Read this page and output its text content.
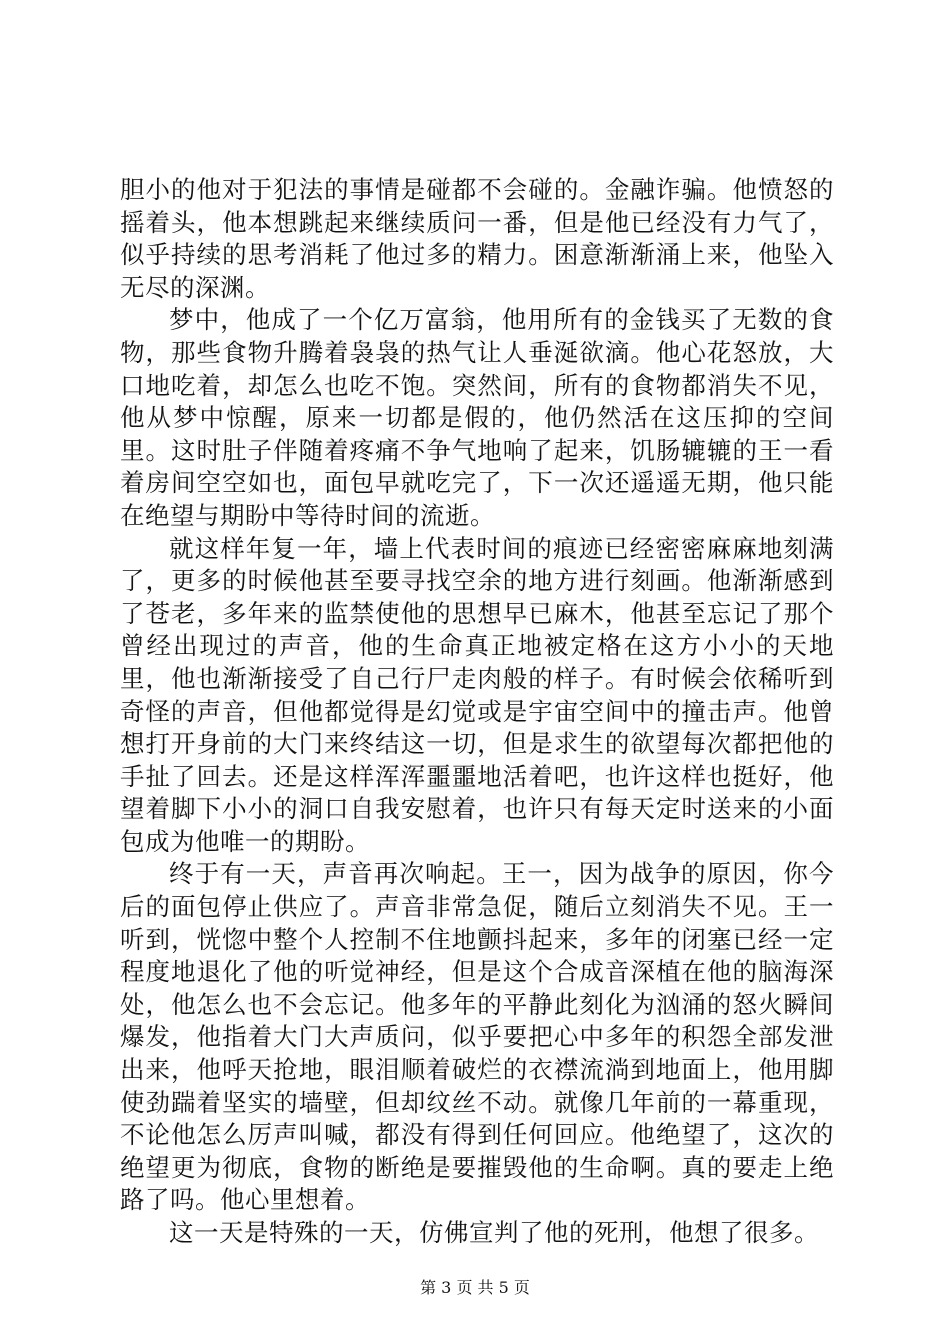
胆小的他对于犯法的事情是碰都不会碰的。金融诈骗。他愤怒的摇着头，他本想跳起来继续质问一番，但是他已经没有力气了，似乎持续的思考消耗了他过多的精力。困意渐渐涌上来，他坠入无尽的深渊。

梦中，他成了一个亿万富翁，他用所有的金钱买了无数的食物，那些食物升腾着袅袅的热气让人垂涎欲滴。他心花怒放，大口地吃着，却怎么也吃不饱。突然间，所有的食物都消失不见，他从梦中惊醒，原来一切都是假的，他仍然活在这压抑的空间里。这时肚子伴随着疼痛不争气地响了起来，饥肠辘辘的王一看着房间空空如也，面包早就吃完了，下一次还遥遥无期，他只能在绝望与期盼中等待时间的流逝。

就这样年复一年，墙上代表时间的痕迹已经密密麻麻地刻满了，更多的时候他甚至要寻找空余的地方进行刻画。他渐渐感到了苍老，多年来的监禁使他的思想早已麻木，他甚至忘记了那个曾经出现过的声音，他的生命真正地被定格在这方小小的天地里，他也渐渐接受了自己行尸走肉般的样子。有时候会依稀听到奇怪的声音，但他都觉得是幻觉或是宇宙空间中的撞击声。他曾想打开身前的大门来终结这一切，但是求生的欲望每次都把他的手扯了回去。还是这样浑浑噩噩地活着吧，也许这样也挺好，他望着脚下小小的洞口自我安慰着，也许只有每天定时送来的小面包成为他唯一的期盼。

终于有一天，声音再次响起。王一，因为战争的原因，你今后的面包停止供应了。声音非常急促，随后立刻消失不见。王一听到，恍惚中整个人控制不住地颤抖起来，多年的闭塞已经一定程度地退化了他的听觉神经，但是这个合成音深植在他的脑海深处，他怎么也不会忘记。他多年的平静此刻化为汹涌的怒火瞬间爆发，他指着大门大声质问，似乎要把心中多年的积怨全部发泄出来，他呼天抢地，眼泪顺着破烂的衣襟流淌到地面上，他用脚使劲踹着坚实的墙壁，但却纹丝不动。就像几年前的一幕重现，不论他怎么厉声叫喊，都没有得到任何回应。他绝望了，这次的绝望更为彻底，食物的断绝是要摧毁他的生命啊。真的要走上绝路了吗。他心里想着。

这一天是特殊的一天，仿佛宣判了他的死刑，他想了很多。

第 3 页 共 5 页
